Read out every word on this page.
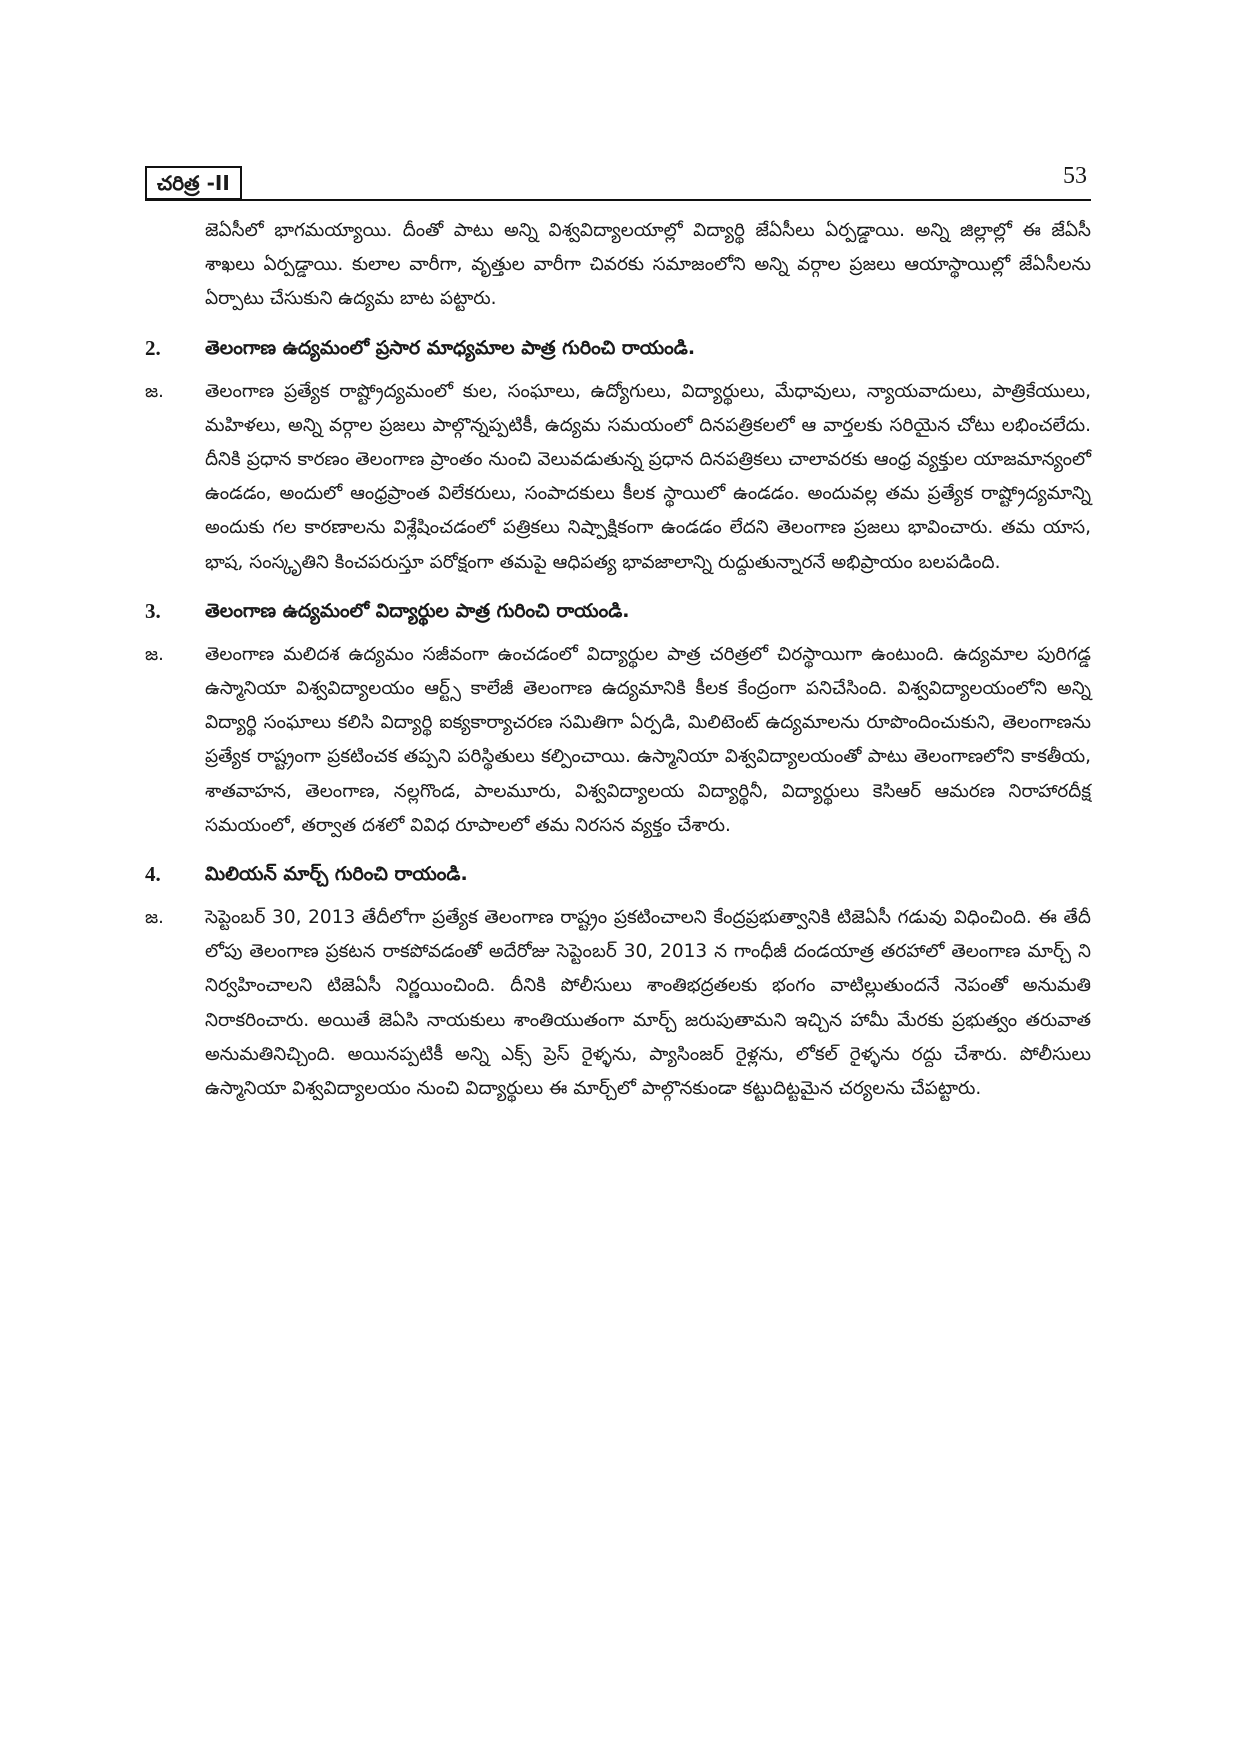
చరిత్ర -II	53

జెఏసీలో భాగమయ్యాయి. దీంతో పాటు అన్ని విశ్వవిద్యాలయాల్లో విద్యార్థి జేఏసీలు ఏర్పడ్డాయి. అన్ని జిల్లాల్లో ఈ జేఏసీ శాఖలు ఏర్పడ్డాయి. కులాల వారీగా, వృత్తుల వారీగా చివరకు సమాజంలోని అన్ని వర్గాల ప్రజలు ఆయాస్థాయిల్లో జేఏసీలను ఏర్పాటు చేసుకుని ఉద్యమ బాట పట్టారు.

2. తెలంగాణ ఉద్యమంలో ప్రసార మాధ్యమాల పాత్ర గురించి రాయండి.
జ. తెలంగాణ ప్రత్యేక రాష్ట్రోద్యమంలో కుల, సంఘాలు, ఉద్యోగులు, విద్యార్థులు, మేధావులు, న్యాయవాదులు, పాత్రికేయులు, మహిళలు, అన్ని వర్గాల ప్రజలు పాల్గొన్నప్పటికీ, ఉద్యమ సమయంలో దినపత్రికలలో ఆ వార్తలకు సరియైన చోటు లభించలేదు. దీనికి ప్రధాన కారణం తెలంగాణ ప్రాంతం నుంచి వెలువడుతున్న ప్రధాన దినపత్రికలు చాలావరకు ఆంధ్ర వ్యక్తుల యాజమాన్యంలో ఉండడం, అందులో ఆంధ్రప్రాంత విలేకరులు, సంపాదకులు కీలక స్థాయిలో ఉండడం. అందువల్ల తమ ప్రత్యేక రాష్ట్రోద్యమాన్ని అందుకు గల కారణాలను విశ్లేషించడంలో పత్రికలు నిష్పాక్షికంగా ఉండడం లేదని తెలంగాణ ప్రజలు భావించారు. తమ యాస, భాష, సంస్కృతిని కించపరుస్తూ పరోక్షంగా తమపై ఆధిపత్య భావజాలాన్ని రుద్దుతున్నారనే అభిప్రాయం బలపడింది.

3. తెలంగాణ ఉద్యమంలో విద్యార్థుల పాత్ర గురించి రాయండి.
జ. తెలంగాణ మలిదశ ఉద్యమం సజీవంగా ఉంచడంలో విద్యార్థుల పాత్ర చరిత్రలో చిరస్థాయిగా ఉంటుంది. ఉద్యమాల పురిగడ్డ ఉస్మానియా విశ్వవిద్యాలయం ఆర్ట్స్ కాలేజీ తెలంగాణ ఉద్యమానికి కీలక కేంద్రంగా పనిచేసింది. విశ్వవిద్యాలయంలోని అన్ని విద్యార్థి సంఘాలు కలిసి విద్యార్థి ఐక్యకార్యాచరణ సమితిగా ఏర్పడి, మిలిటెంట్ ఉద్యమాలను రూపొందించుకుని, తెలంగాణను ప్రత్యేక రాష్ట్రంగా ప్రకటించక తప్పని పరిస్థితులు కల్పించాయి. ఉస్మానియా విశ్వవిద్యాలయంతో పాటు తెలంగాణలోని కాకతీయ, శాతవాహన, తెలంగాణ, నల్లగొండ, పాలమూరు, విశ్వవిద్యాలయ విద్యార్థినీ, విద్యార్థులు కెసిఆర్ ఆమరణ నిరాహారదీక్ష సమయంలో, తర్వాత దశలో వివిధ రూపాలలో తమ నిరసన వ్యక్తం చేశారు.

4. మిలియన్ మార్చ్ గురించి రాయండి.
జ. సెప్టెంబర్ 30, 2013 తేదీలోగా ప్రత్యేక తెలంగాణ రాష్ట్రం ప్రకటించాలని కేంద్రప్రభుత్వానికి టిజెఏసీ గడువు విధించింది. ఈ తేదీ లోపు తెలంగాణ ప్రకటన రాకపోవడంతో అదేరోజు సెప్టెంబర్ 30, 2013 న గాంధీజీ దండయాత్ర తరహాలో తెలంగాణ మార్చ్ ని నిర్వహించాలని టిజెఏసీ నిర్ణయించింది. దీనికి పోలీసులు శాంతిభద్రతలకు భంగం వాటిల్లుతుందనే నెపంతో అనుమతి నిరాకరించారు. అయితే జెఏసి నాయకులు శాంతియుతంగా మార్చ్ జరుపుతామని ఇచ్చిన హామీ మేరకు ప్రభుత్వం తరువాత అనుమతినిచ్చింది. అయినప్పటికీ అన్ని ఎక్స్ ప్రెస్ రైళ్ళను, ప్యాసింజర్ రైళ్లను, లోకల్ రైళ్ళను రద్దు చేశారు. పోలీసులు ఉస్మానియా విశ్వవిద్యాలయం నుంచి విద్యార్థులు ఈ మార్చ్‌లో పాల్గొనకుండా కట్టుదిట్టమైన చర్యలను చేపట్టారు.
